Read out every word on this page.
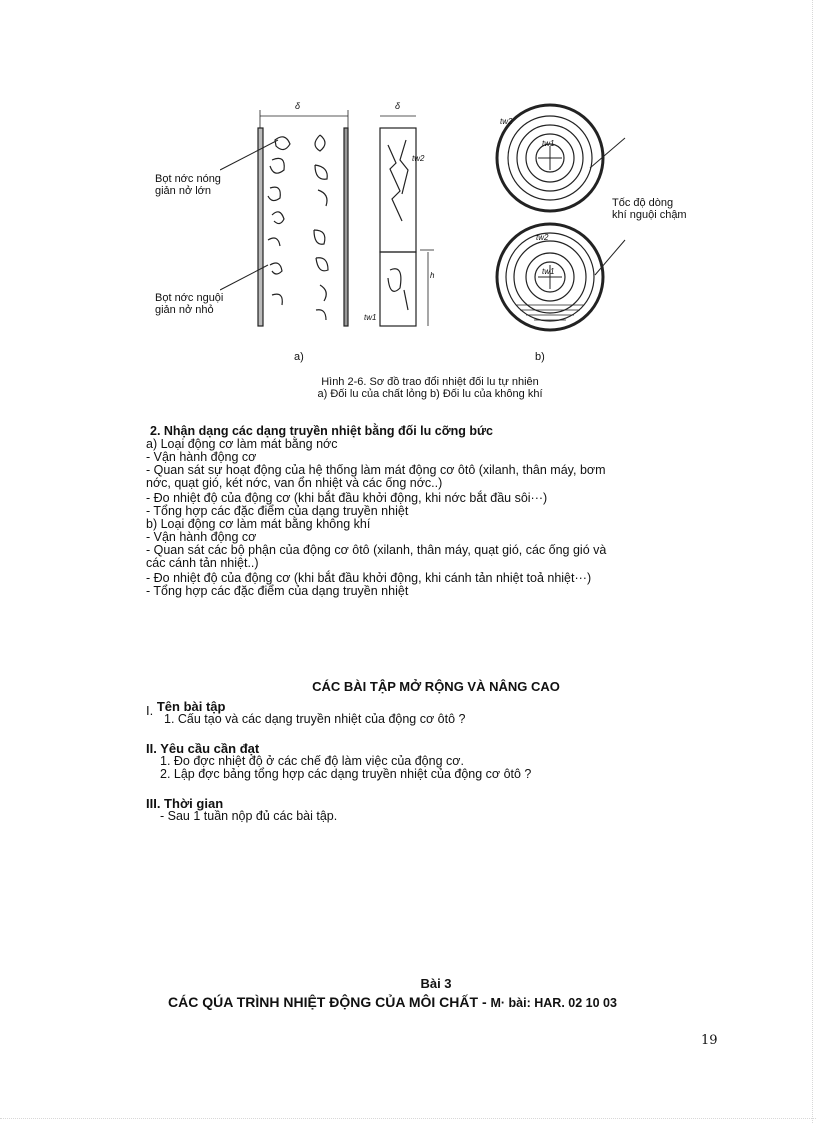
δ	δ
tw2
tw1
h
tw2
tw1
tw2
tw1
Bọt nớc nóng
giản nở lớn
Bọt nớc nguội
giản nở nhỏ
Tốc độ dòng
khí nguội chậm
a)	b)
Hình 2-6. Sơ đồ trao đổi nhiệt đối lu tự nhiên
a) Đối lu của chất lỏng b) Đối lu của không khí
2. Nhận dạng các dạng truyền nhiệt bằng đối lu cỡng bức
a) Loại động cơ làm mát bằng nớc
- Vận hành động cơ
- Quan sát sự hoạt động của hệ thống làm mát động cơ ôtô (xilanh, thân máy, bơm
nớc, quạt gió, két nớc, van ổn nhiệt và các ống nớc..)
- Đo nhiệt độ của động cơ (khi bắt đầu khởi động, khi nớc bắt đầu sôi···)
- Tổng hợp các đặc điểm của dạng truyền nhiệt
b) Loại động cơ làm mát bằng không khí
- Vận hành động cơ
- Quan sát các bộ phận của động cơ ôtô (xilanh, thân máy, quạt gió, các ống gió và
các cánh tản nhiệt..)
- Đo nhiệt độ của động cơ (khi bắt đầu khởi động, khi cánh tản nhiệt toả nhiệt···)
- Tổng hợp các đặc điểm của dạng truyền nhiệt
CÁC BÀI TẬP MỞ RỘNG VÀ NÂNG CAO
I. Tên bài tập
1. Cấu tạo và các dạng truyền nhiệt của động cơ ôtô ?
II. Yêu cầu cần đạt
1. Đo đợc nhiệt độ ở các chế độ làm việc của động cơ.
2. Lập đợc bảng tổng hợp các dạng truyền nhiệt của động cơ ôtô ?
III. Thời gian
- Sau 1 tuần nộp đủ các bài tập.
Bài 3
CÁC QÚA TRÌNH NHIỆT ĐỘNG CỦA MÔI CHẤT - M· bài: HAR. 02 10 03
19
